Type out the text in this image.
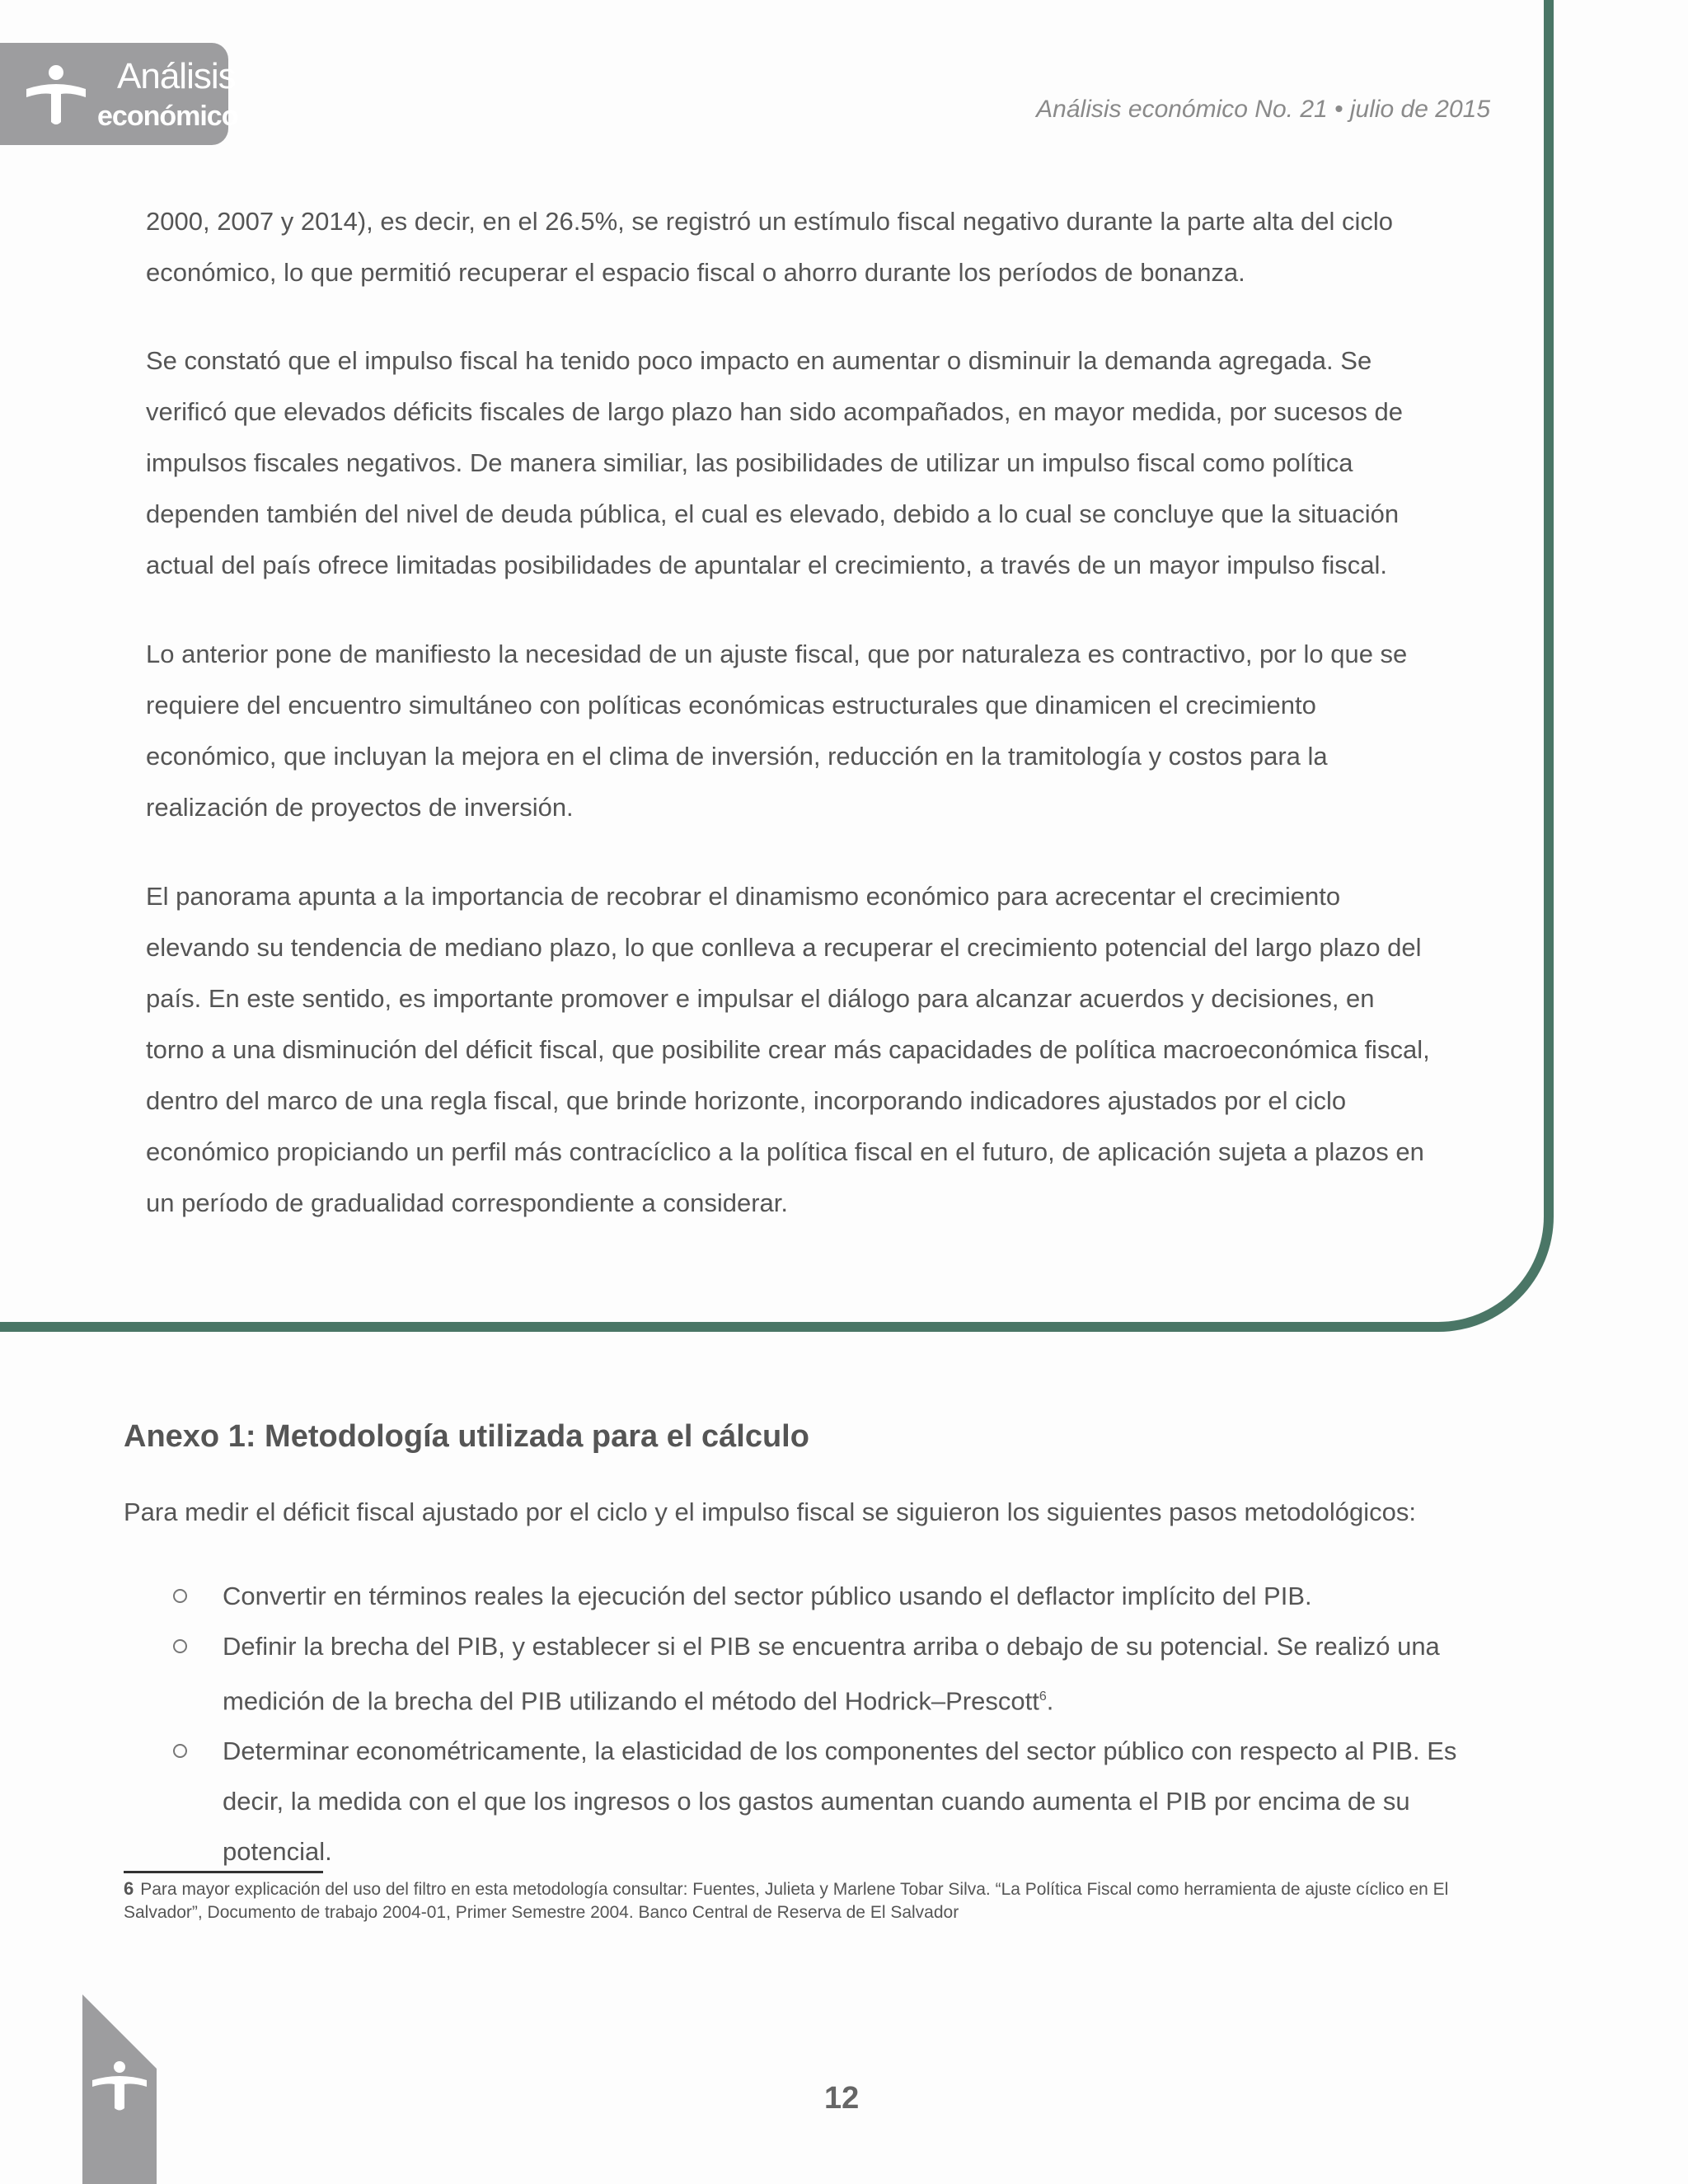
Análisis
económico	Análisis económico No. 21 • julio de 2015

2000, 2007 y 2014), es decir, en el 26.5%, se registró un estímulo fiscal negativo durante la parte alta del ciclo económico, lo que permitió recuperar el espacio fiscal o ahorro durante los períodos de bonanza.

Se constató que el impulso fiscal ha tenido poco impacto en aumentar o disminuir la demanda agregada. Se verificó que elevados déficits fiscales de largo plazo han sido acompañados, en mayor medida, por sucesos de impulsos fiscales negativos. De manera similiar, las posibilidades de utilizar un impulso fiscal como política dependen también del nivel de deuda pública, el cual es elevado, debido a lo cual se concluye que la situación actual del país ofrece limitadas posibilidades de apuntalar el crecimiento, a través de un mayor impulso fiscal.

Lo anterior pone de manifiesto la necesidad de un ajuste fiscal, que por naturaleza es contractivo, por lo que se requiere del encuentro simultáneo con políticas económicas estructurales que dinamicen el crecimiento económico, que incluyan la mejora en el clima de inversión, reducción en la tramitología y costos para la realización de proyectos de inversión.

El panorama apunta a la importancia de recobrar el dinamismo económico para acrecentar el crecimiento elevando su tendencia de mediano plazo, lo que conlleva a recuperar el crecimiento potencial del largo plazo del país. En este sentido, es importante promover e impulsar el diálogo para alcanzar acuerdos y decisiones, en torno a una disminución del déficit fiscal, que posibilite crear más capacidades de política macroeconómica fiscal, dentro del marco de una regla fiscal, que brinde horizonte, incorporando indicadores ajustados por el ciclo económico propiciando un perfil más contracíclico a la política fiscal en el futuro, de aplicación sujeta a plazos en un período de gradualidad correspondiente a considerar.

Anexo 1: Metodología utilizada para el cálculo
Para medir el déficit fiscal ajustado por el ciclo y el impulso fiscal se siguieron los siguientes pasos metodológicos:
Convertir en términos reales la ejecución del sector público usando el deflactor implícito del PIB.
Definir la brecha del PIB, y establecer si el PIB se encuentra arriba o debajo de su potencial. Se realizó una medición de la brecha del PIB utilizando el método del Hodrick–Prescott$^6$.
Determinar econométricamente, la elasticidad de los componentes del sector público con respecto al PIB. Es decir, la medida con el que los ingresos o los gastos aumentan cuando aumenta el PIB por encima de su potencial.
6 Para mayor explicación del uso del filtro en esta metodología consultar: Fuentes, Julieta y Marlene Tobar Silva. “La Política Fiscal como herramienta de ajuste cíclico en El Salvador”, Documento de trabajo 2004-01, Primer Semestre 2004. Banco Central de Reserva de El Salvador
12
